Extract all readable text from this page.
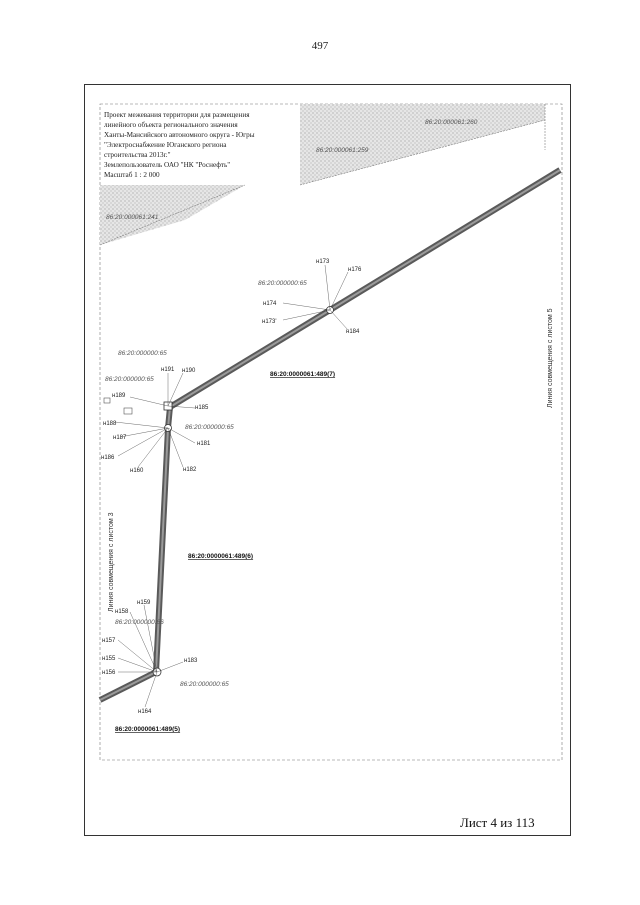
497
86:20:000061:260
86:20:000061:259
86:20:000061:241
86:20:000000:65
86:20:000000:65
86:20:000000:65
86:20:000000:65
86:20:000000:66
86:20:000000:65
86:20:0000061:489(7)
86:20:0000061:489(6)
86:20:0000061:489(5)
н173
н176
н174
н173'
н184
н191 н190
н189
н185
н188
н187
н181
н186
н160	н182
н159
н158
н157
н155
н156
н183
н164
Линия совмещения с листом 5
Линия совмещения с листом 3
Проект межевания территории для размещения
линейного объекта регионального значения
Ханты-Мансийского автономного округа - Югры
"Электроснабжение Юганского региона
строительства 2013г."
Землепользователь ОАО "НК "Роснефть"
Масштаб 1 : 2 000
Лист 4 из 113
